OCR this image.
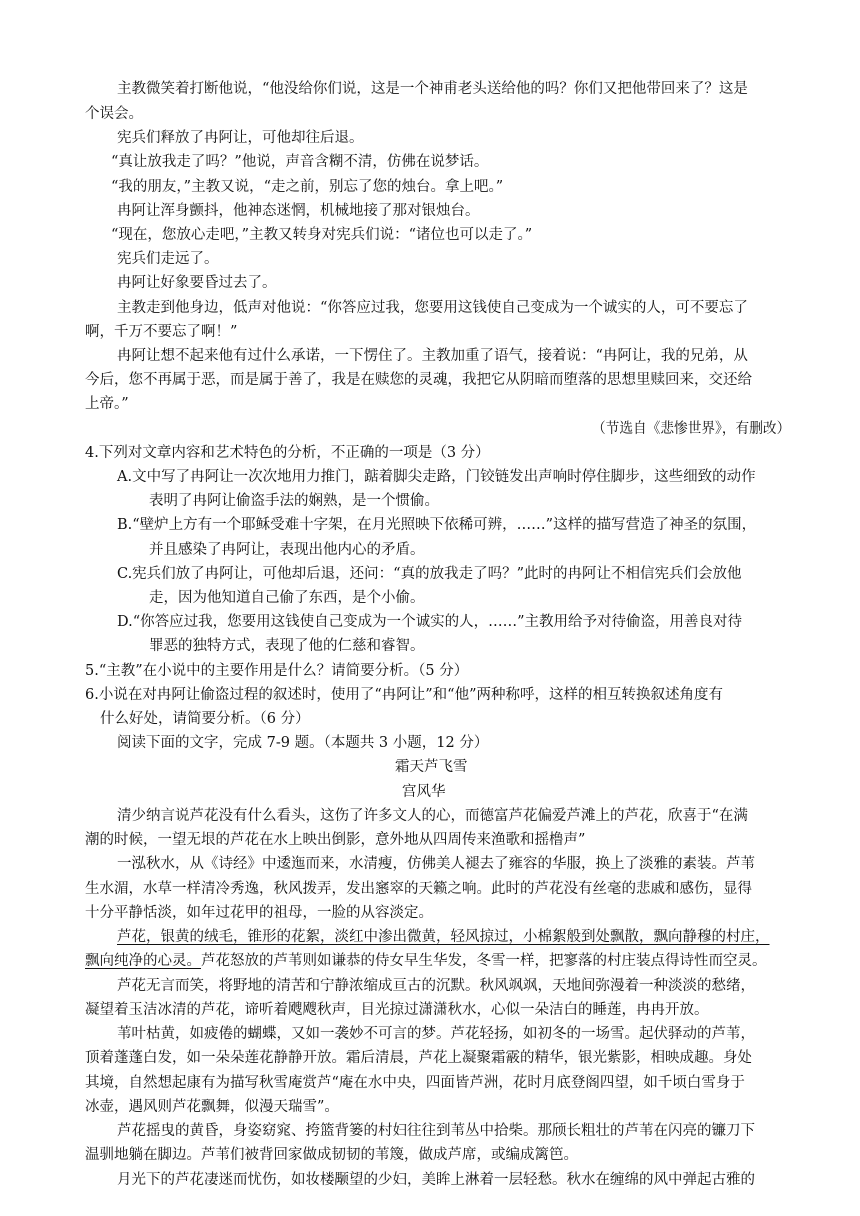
主教微笑着打断他说，“他没给你们说，这是一个神甫老头送给他的吗？你们又把他带回来了？这是
个误会。
宪兵们释放了冉阿让，可他却往后退。
“真让放我走了吗？”他说，声音含糊不清，仿佛在说梦话。
“我的朋友，”主教又说，“走之前，别忘了您的烛台。拿上吧。”
冉阿让浑身颤抖，他神态迷惘，机械地接了那对银烛台。
“现在，您放心走吧，”主教又转身对宪兵们说：“诸位也可以走了。”
宪兵们走远了。
冉阿让好象要昏过去了。
主教走到他身边，低声对他说：“你答应过我，您要用这钱使自己变成为一个诚实的人，可不要忘了
啊，千万不要忘了啊！”
冉阿让想不起来他有过什么承诺，一下愣住了。主教加重了语气，接着说：“冉阿让，我的兄弟，从
今后，您不再属于恶，而是属于善了，我是在赎您的灵魂，我把它从阴暗而堕落的思想里赎回来，交还给
上帝。”
（节选自《悲惨世界》，有删改）
4.下列对文章内容和艺术特色的分析，不正确的一项是（3 分）
A.文中写了冉阿让一次次地用力推门，踮着脚尖走路，门铰链发出声响时停住脚步，这些细致的动作
表明了冉阿让偷盗手法的娴熟，是一个惯偷。
B.“壁炉上方有一个耶稣受难十字架，在月光照映下依稀可辨，……”这样的描写营造了神圣的氛围，
并且感染了冉阿让，表现出他内心的矛盾。
C.宪兵们放了冉阿让，可他却后退，还问：“真的放我走了吗？”此时的冉阿让不相信宪兵们会放他
走，因为他知道自己偷了东西，是个小偷。
D.“你答应过我，您要用这钱使自己变成为一个诚实的人，……”主教用给予对待偷盗，用善良对待
罪恶的独特方式，表现了他的仁慈和睿智。
5.“主教”在小说中的主要作用是什么？请简要分析。（5 分）
6.小说在对冉阿让偷盗过程的叙述时，使用了“冉阿让”和“他”两种称呼，这样的相互转换叙述角度有
什么好处，请简要分析。（6 分）
阅读下面的文字，完成 7-9 题。（本题共 3 小题，12 分）
霜天芦飞雪
宫风华
清少纳言说芦花没有什么看头，这伤了许多文人的心，而德富芦花偏爱芦滩上的芦花，欣喜于“在满
潮的时候，一望无垠的芦花在水上映出倒影，意外地从四周传来渔歌和摇橹声”
一泓秋水，从《诗经》中逶迤而来，水清瘦，仿佛美人褪去了雍容的华服，换上了淡雅的素装。芦苇
生水湄，水草一样清冷秀逸，秋风拨弄，发出窸窣的天籁之响。此时的芦花没有丝毫的悲戚和感伤，显得
十分平静恬淡，如年过花甲的祖母，一脸的从容淡定。
芦花，银黄的绒毛，锥形的花絮，淡红中渗出微黄，轻风掠过，小棉絮般到处飘散，飘向静穆的村庄，
飘向纯净的心灵。芦花怒放的芦苇则如谦恭的侍女早生华发，冬雪一样，把寥落的村庄装点得诗性而空灵。
芦花无言而笑，将野地的清苦和宁静浓缩成亘古的沉默。秋风飒飒，天地间弥漫着一种淡淡的愁绪，
凝望着玉洁冰清的芦花，谛听着飕飕秋声，目光掠过潇潇秋水，心似一朵洁白的睡莲，冉冉开放。
苇叶枯黄，如疲倦的蝴蝶，又如一袭妙不可言的梦。芦花轻扬，如初冬的一场雪。起伏驿动的芦苇，
顶着蓬蓬白发，如一朵朵莲花静静开放。霜后清晨，芦花上凝聚霜霰的精华，银光紫影，相映成趣。身处
其境，自然想起康有为描写秋雪庵赏芦“庵在水中央，四面皆芦洲，花时月底登阁四望，如千顷白雪身于
冰壶，遇风则芦花飘舞，似漫天瑞雪”。
芦花摇曳的黄昏，身姿窈窕、挎篮背篓的村妇往往到苇丛中拾柴。那颀长粗壮的芦苇在闪亮的镰刀下
温驯地躺在脚边。芦苇们被背回家做成韧韧的苇篾，做成芦席，或编成篱笆。
月光下的芦花凄迷而忧伤，如妆楼颙望的少妇，美眸上淋着一层轻愁。秋水在缠绵的风中弹起古雅的
